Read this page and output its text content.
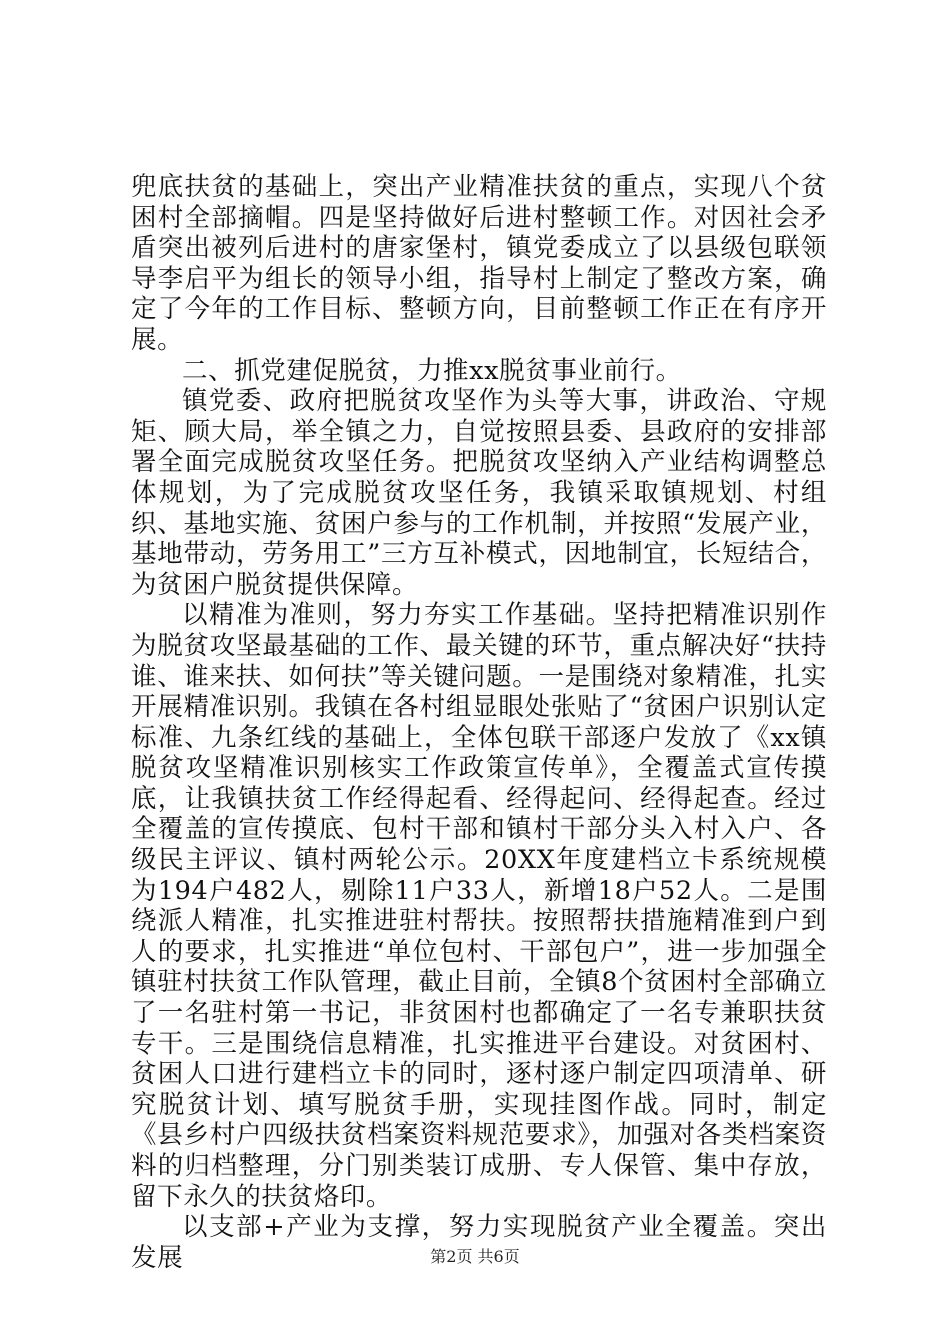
兜底扶贫的基础上，突出产业精准扶贫的重点，实现八个贫困村全部摘帽。四是坚持做好后进村整顿工作。对因社会矛盾突出被列后进村的唐家堡村，镇党委成立了以县级包联领导李启平为组长的领导小组，指导村上制定了整改方案，确定了今年的工作目标、整顿方向，目前整顿工作正在有序开展。

二、抓党建促脱贫，力推xx脱贫事业前行。

镇党委、政府把脱贫攻坚作为头等大事，讲政治、守规矩、顾大局，举全镇之力，自觉按照县委、县政府的安排部署全面完成脱贫攻坚任务。把脱贫攻坚纳入产业结构调整总体规划，为了完成脱贫攻坚任务，我镇采取镇规划、村组织、基地实施、贫困户参与的工作机制，并按照“发展产业，基地带动，劳务用工”三方互补模式，因地制宜，长短结合，为贫困户脱贫提供保障。

以精准为准则，努力夯实工作基础。坚持把精准识别作为脱贫攻坚最基础的工作、最关键的环节，重点解决好“扶持谁、谁来扶、如何扶”等关键问题。一是围绕对象精准，扎实开展精准识别。我镇在各村组显眼处张贴了“贫困户识别认定标准、九条红线的基础上，全体包联干部逐户发放了《xx镇脱贫攻坚精准识别核实工作政策宣传单》，全覆盖式宣传摸底，让我镇扶贫工作经得起看、经得起问、经得起查。经过全覆盖的宣传摸底、包村干部和镇村干部分头入村入户、各级民主评议、镇村两轮公示。20XX年度建档立卡系统规模为194户482人，剔除11户33人，新增18户52人。二是围绕派人精准，扎实推进驻村帮扶。按照帮扶措施精准到户到人的要求，扎实推进“单位包村、干部包户”，进一步加强全镇驻村扶贫工作队管理，截止目前，全镇8个贫困村全部确立了一名驻村第一书记，非贫困村也都确定了一名专兼职扶贫专干。三是围绕信息精准，扎实推进平台建设。对贫困村、贫困人口进行建档立卡的同时，逐村逐户制定四项清单、研究脱贫计划、填写脱贫手册，实现挂图作战。同时，制定《县乡村户四级扶贫档案资料规范要求》，加强对各类档案资料的归档整理，分门别类装订成册、专人保管、集中存放，留下永久的扶贫烙印。

以支部+产业为支撑，努力实现脱贫产业全覆盖。突出发展	第2页 共6页
